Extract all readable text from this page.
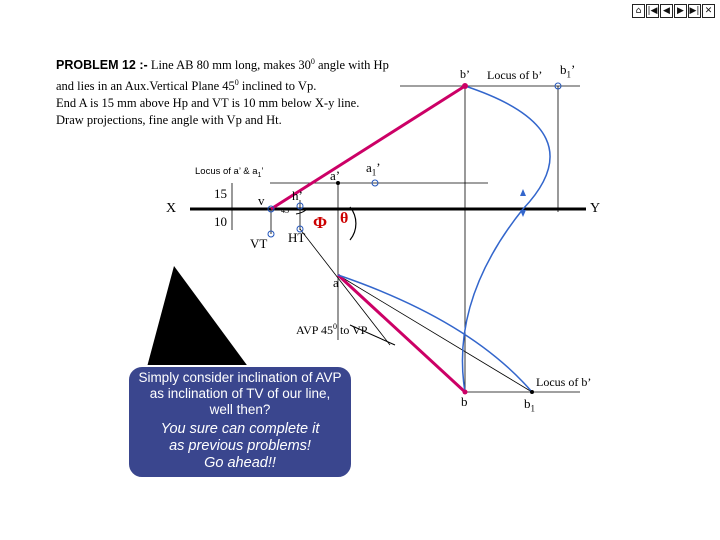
⌂ |◀ ◀ ▶ ▶| ✕
PROBLEM 12 :- Line AB 80 mm long, makes $30^0$ angle with Hp
and lies in an Aux.Vertical Plane $45^0$ inclined to Vp.
End A is 15 mm above Hp and VT is 10 mm below X-y line.
Draw projections, fine angle with Vp and Ht.
X	Y
15
10
v
VT HT
h’
45
a’
$a_1$’
a
b’	$b_1$’
b	$b_1$
Locus of a’ & $a_1$’
Locus of b’
Locus of b’
AVP $45^0$ to VP
Φ θ
Simply consider inclination of AVP
as inclination of TV of our line,
well then?
You sure can complete it
as previous problems!
Go ahead!!
